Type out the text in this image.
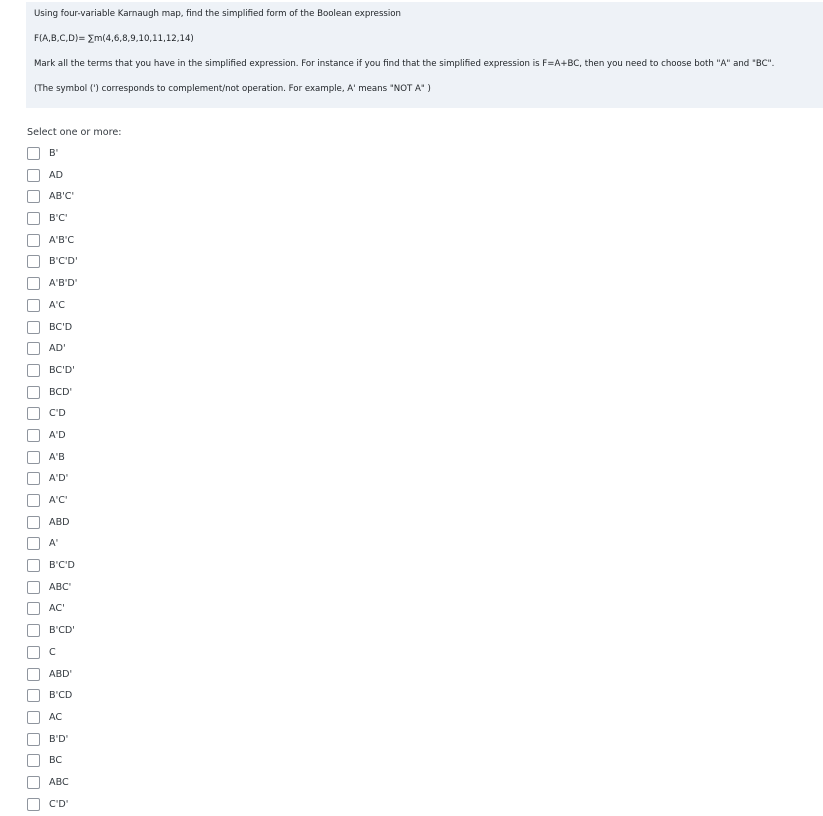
Using four-variable Karnaugh map, find the simplified form of the Boolean expression

F(A,B,C,D)= ∑m(4,6,8,9,10,11,12,14)

Mark all the terms that you have in the simplified expression. For instance if you find that the simplified expression is F=A+BC, then you need to choose both "A" and "BC".

(The symbol (') corresponds to complement/not operation. For example, A' means "NOT A" )

Select one or more:
B'
AD
AB'C'
B'C'
A'B'C
B'C'D'
A'B'D'
A'C
BC'D
AD'
BC'D'
BCD'
C'D
A'D
A'B
A'D'
A'C'
ABD
A'
B'C'D
ABC'
AC'
B'CD'
C
ABD'
B'CD
AC
B'D'
BC
ABC
C'D'
